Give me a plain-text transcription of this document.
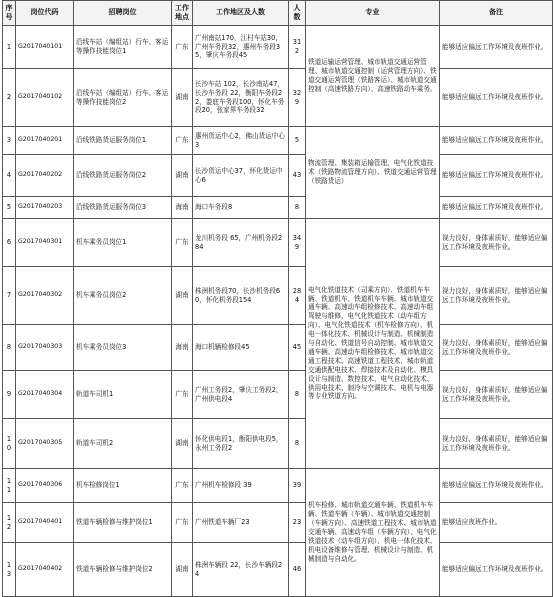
序号	岗位代码	招聘岗位	工作地点	工作地区及人数	人数	专业	备注
1	G2017040101	沿线车站（编组站）行车、客运等操作技能岗位1	广东	广州南站170，江村车站30，广州车务段32，惠州车务段35，肇庆车务段45	312	铁道运输运营管理、城市轨道交通运营管理、城市轨道交通控制（运营管理方向）、铁道交通运营管理（铁路客运）、城市轨道交通控制（高速铁路方向）、高速铁路动车乘务。	能够适应偏远工作环境及夜班作业。
2	G2017040102	沿线车站（编组站）行车、客运等操作技能岗位2	湖南	长沙车站 102，长沙南站47，长沙车务段 22，衡阳车务段22，娄底车务段100，怀化车务段20，张家界车务段32	329		能够适应偏远工作环境及夜班作业。
3	G2017040201	沿线铁路货运服务岗位1	广东	惠州货运中心2，佛山货运中心3	5	物流管理、集装箱运输管理、电气化铁道技术（铁路物流管理方向）、铁道交通运营管理（铁路货运）	能够适应偏远工作环境及夜班作业。
4	G2017040202	沿线铁路货运服务岗位2	湖南	长沙货运中心37，怀化货运中心6	43		能够适应偏远工作环境及夜班作业。
5	G2017040203	沿线铁路货运服务岗位3	海南	海口车务段8	8		能够适应偏远工作环境及夜班作业。
6	G2017040301	机车乘务员岗位1	广东	龙川机务段 65，广州机务段284	349	电气化铁道技术（司乘方向）、铁道机车车辆、铁道机车、铁道机车车辆、城市轨道交通车辆、高速动车组检修技术、高速动车组驾驶与维修、电气化铁道技术（动车组方向）、电气化铁道技术（机车检修方向）、机电一体化技术、机械设计与制造、机械制造与自动化、铁道信号自动控制、城市轨道交通车辆、高速动车组检修技术、城市轨道交通工程技术、高速铁道工程技术、城市轨道交通供配电技术、焊接技术及自动化、模具设计与制造、数控技术、电气自动化技术、供用电技术、制冷与空调技术、电机与电器等专业铁道方向。	视力良好，身体素质好，能够适应偏远工作环境及夜班作业。
7	G2017040302	机车乘务员岗位2	湖南	株洲机务段70，长沙机务段60，怀化机务段154	284		视力良好，身体素质好，能够适应偏远工作环境及夜班作业。
8	G2017040303	机车乘务员岗位3	海南	海口机辆检修段45	45		视力良好，身体素质好，能够适应偏远工作环境及夜班作业。
9	G2017040304	轨道车司机1	广东	广州工务段2，肇庆工务段2，广州供电段4	8		视力良好，身体素质好，能够适应偏远工作环境及夜班作业。
10	G2017040305	轨道车司机2	湖南	怀化供电段1，衡阳供电段5，永州工务段2	8		视力良好，身体素质好，能够适应偏远工作环境及夜班作业。
11	G2017040306	机车检修岗位1	广东	广州机车检修段 39	39	机车检修、城市轨道交通车辆、铁道机车车辆、铁道车辆（车辆）、城市轨道交通控制（车辆方向）、高速铁道工程技术、城市轨道交通车辆、高速动车组（车辆方向）、电气化铁道技术（动车组方向）、机电一体化技术、机电设备维修与管理、机械设计与制造、机械制造与自动化。	能够适应偏远工作环境及夜班作业。
12	G2017040401	铁道车辆检修与维护岗位1	广东	广州铁道车辆厂23	23		能够适应夜班作业。
13	G2017040402	铁道车辆检修与维护岗位2	湖南	株洲车辆段 22，长沙车辆段24	46		能够适应偏远工作环境及夜班作业。
